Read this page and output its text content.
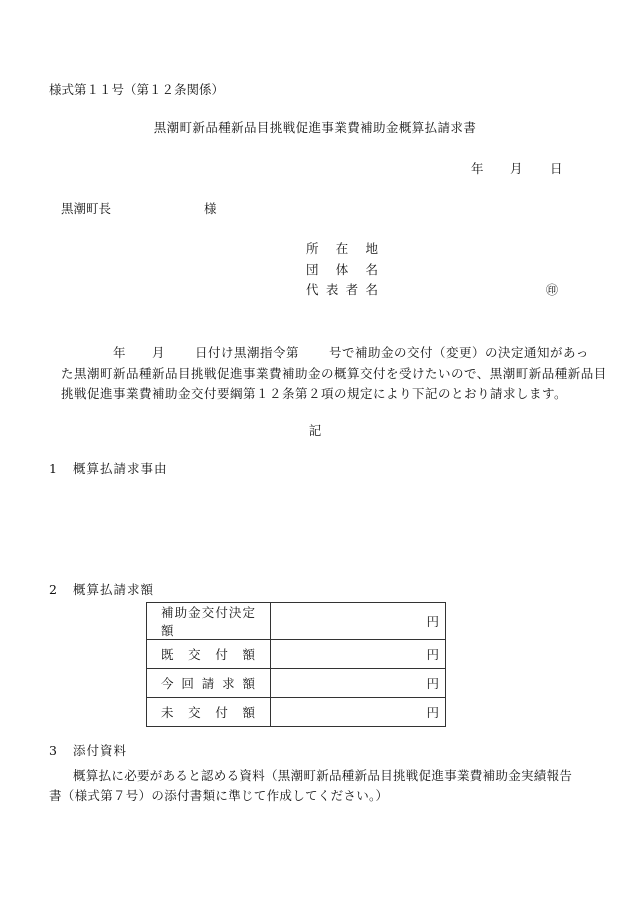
様式第１１号（第１２条関係）
黒潮町新品種新品目挑戦促進事業費補助金概算払請求書
年 月 日
黒潮町長	様
所在地
団体名
代表者名	㊞
年 月 日付け黒潮指令第 号で補助金の交付（変更）の決定通知があっ
た黒潮町新品種新品目挑戦促進事業費補助金の概算交付を受けたいので、黒潮町新品種新品目
挑戦促進事業費補助金交付要綱第１２条第２項の規定により下記のとおり請求します。
記
1 概算払請求事由
2 概算払請求額
補助金交付決定額	円

既交付額	円

今回請求額	円

未交付額	円
3 添付資料
概算払に必要があると認める資料（黒潮町新品種新品目挑戦促進事業費補助金実績報告
書（様式第７号）の添付書類に準じて作成してください。）
